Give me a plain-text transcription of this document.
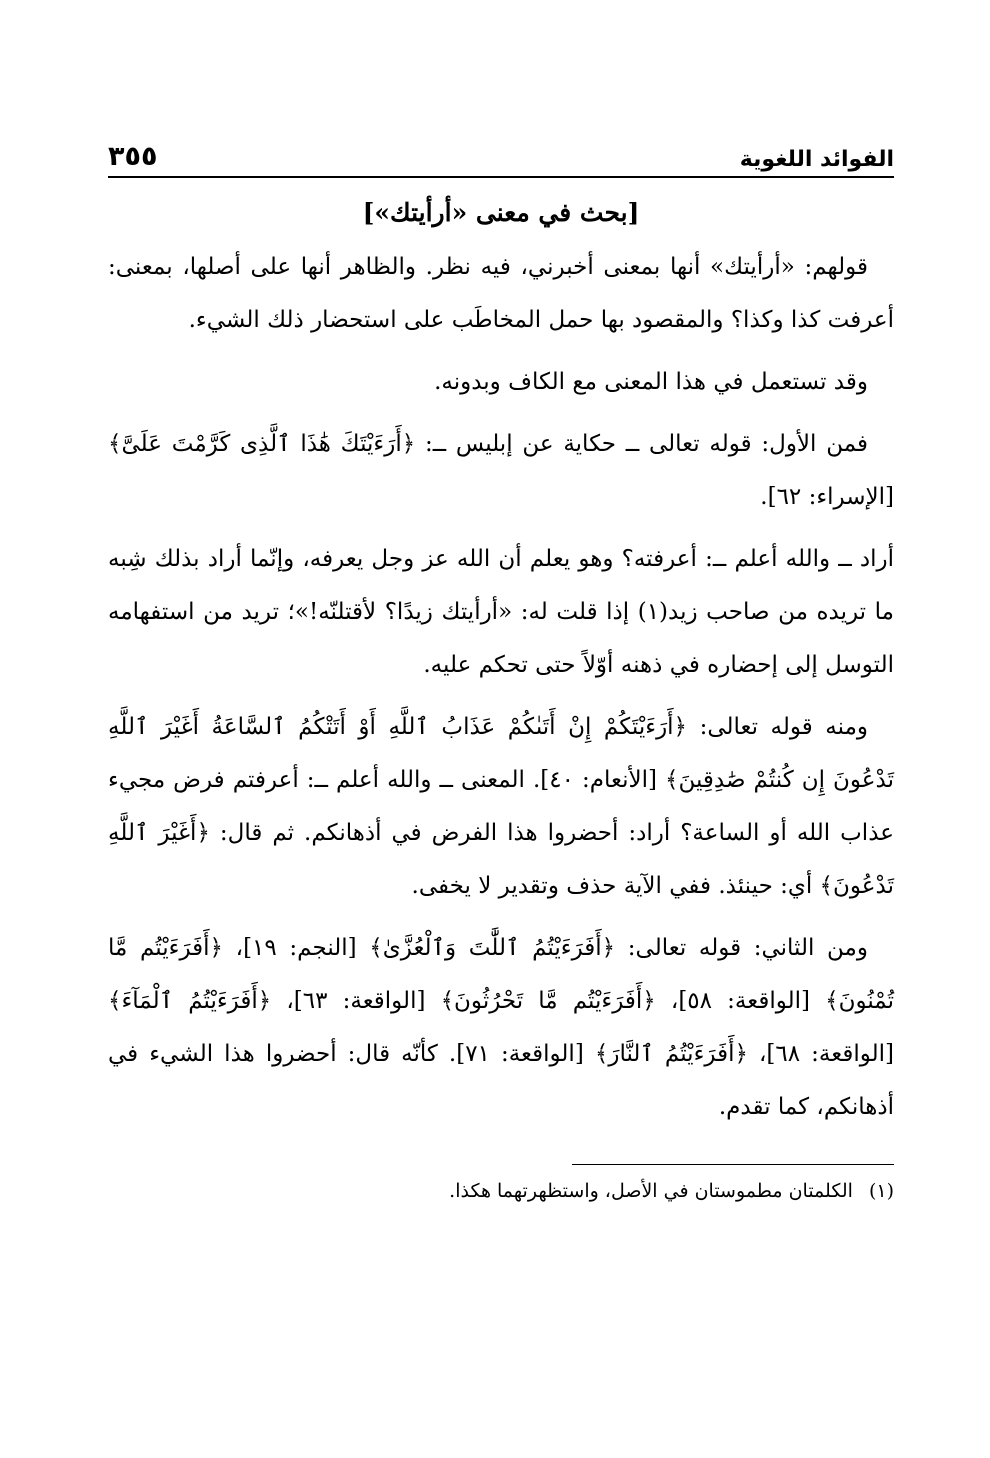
الفوائد اللغوية
٣٥٥
[بحث في معنى «أرأيتك»]

قولهم: «أرأيتك» أنها بمعنى أخبرني، فيه نظر. والظاهر أنها على أصلها، بمعنى: أعرفت كذا وكذا؟ والمقصود بها حمل المخاطَب على استحضار ذلك الشيء.

وقد تستعمل في هذا المعنى مع الكاف وبدونه.

فمن الأول: قوله تعالى ــ حكاية عن إبليس ــ: ﴿أَرَءَيْتَكَ هَٰذَا ٱلَّذِى كَرَّمْتَ عَلَىَّ﴾ [الإسراء: ٦٢].

أراد ــ والله أعلم ــ: أعرفته؟ وهو يعلم أن الله عز وجل يعرفه، وإنّما أراد بذلك شِبه ما تريده من صاحب زيد(١) إذا قلت له: «أرأيتك زيدًا؟ لأقتلنّه!»؛ تريد من استفهامه التوسل إلى إحضاره في ذهنه أوّلاً حتى تحكم عليه.

ومنه قوله تعالى: ﴿أَرَءَيْتَكُمْ إِنْ أَتَىٰكُمْ عَذَابُ ٱللَّهِ أَوْ أَتَتْكُمُ ٱلسَّاعَةُ أَغَيْرَ ٱللَّهِ تَدْعُونَ إِن كُنتُمْ صَٰدِقِينَ﴾ [الأنعام: ٤٠]. المعنى ــ والله أعلم ــ: أعرفتم فرض مجيء عذاب الله أو الساعة؟ أراد: أحضروا هذا الفرض في أذهانكم. ثم قال: ﴿أَغَيْرَ ٱللَّهِ تَدْعُونَ﴾ أي: حينئذ. ففي الآية حذف وتقدير لا يخفى.

ومن الثاني: قوله تعالى: ﴿أَفَرَءَيْتُمُ ٱللَّٰتَ وَٱلْعُزَّىٰ﴾ [النجم: ١٩]، ﴿أَفَرَءَيْتُم مَّا تُمْنُونَ﴾ [الواقعة: ٥٨]، ﴿أَفَرَءَيْتُم مَّا تَحْرُثُونَ﴾ [الواقعة: ٦٣]، ﴿أَفَرَءَيْتُمُ ٱلْمَآءَ﴾ [الواقعة: ٦٨]، ﴿أَفَرَءَيْتُمُ ٱلنَّارَ﴾ [الواقعة: ٧١]. كأنّه قال: أحضروا هذا الشيء في أذهانكم، كما تقدم.

(١) الكلمتان مطموستان في الأصل، واستظهرتهما هكذا.
